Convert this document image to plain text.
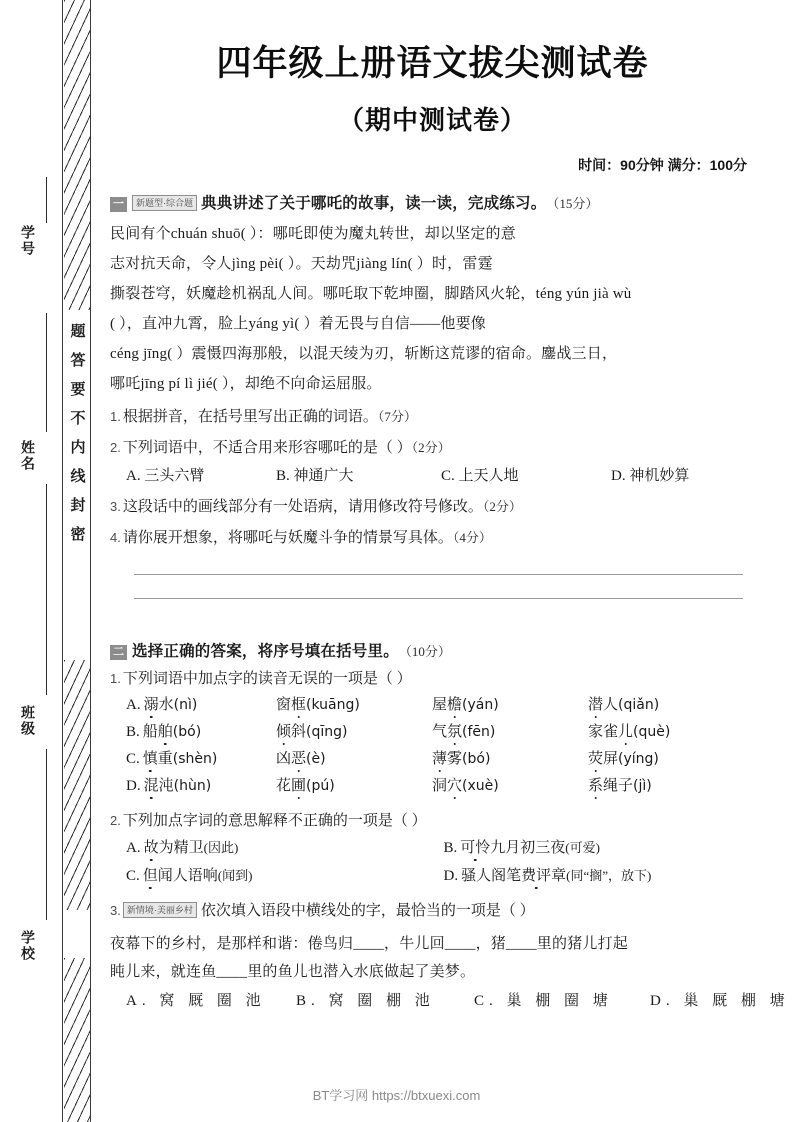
题
答
要
不
内
线
封
密
学号
姓名
班级
学校
四年级上册语文拔尖测试卷
（期中测试卷）
时间：90分钟 满分：100分
一	新题型·综合题 典典讲述了关于哪吒的故事，读一读，完成练习。 （15分）
民间有个chuán shuō( ）：哪吒即使为魔丸转世，却以坚定的意
志对抗天命，令人jìng pèi( ）。天劫咒jiàng lín( ）时，雷霆
撕裂苍穹，妖魔趁机祸乱人间。哪吒取下乾坤圈，脚踏风火轮，téng yún jià wù
( ），直冲九霄，脸上yáng yì( ）着无畏与自信——他要像
céng jīng( ）震慑四海那般，以混天绫为刃，斩断这荒谬的宿命。鏖战三日，
哪吒jīng pí lì jié( ），却绝不向命运屈服。
1. 根据拼音，在括号里写出正确的词语。（7分）
2. 下列词语中，不适合用来形容哪吒的是（ ）（2分）
A. 三头六臂	B. 神通广大	C. 上天人地	D. 神机妙算
3. 这段话中的画线部分有一处语病，请用修改符号修改。（2分）
4. 请你展开想象，将哪吒与妖魔斗争的情景写具体。（4分）
二 选择正确的答案，将序号填在括号里。 （10分）
1. 下列词语中加点字的读音无误的一项是（ ）
A. 溺水(nì)	窗框(kuāng)	屋檐(yán)	潜人(qiǎn)
B. 船舶(bó)	倾斜(qīng)	气氛(fēn)	家雀儿(què)
C. 慎重(shèn)	凶恶(è)	薄雾(bó)	荧屏(yíng)
D. 混沌(hùn)	花圃(pú)	洞穴(xuè)	系绳子(jì)
2. 下列加点字词的意思解释不正确的一项是（ ）
A. 故为精卫(因此)	B. 可怜九月初三夜(可爱)
C. 但闻人语响(闻到)	D. 骚人阁笔费评章(同“搁”，放下)
3. 新情境·美丽乡村 依次填入语段中横线处的字，最恰当的一项是（ ）
夜幕下的乡村，是那样和谐：倦鸟归____，牛儿回____，猪____里的猪儿打起
盹儿来，就连鱼____里的鱼儿也潜入水底做起了美梦。
A. 窝 厩 圈 池	B. 窝 圈 棚 池	C. 巢 棚 圈 塘	D. 巢 厩 棚 塘
BT学习网 https://btxuexi.com
